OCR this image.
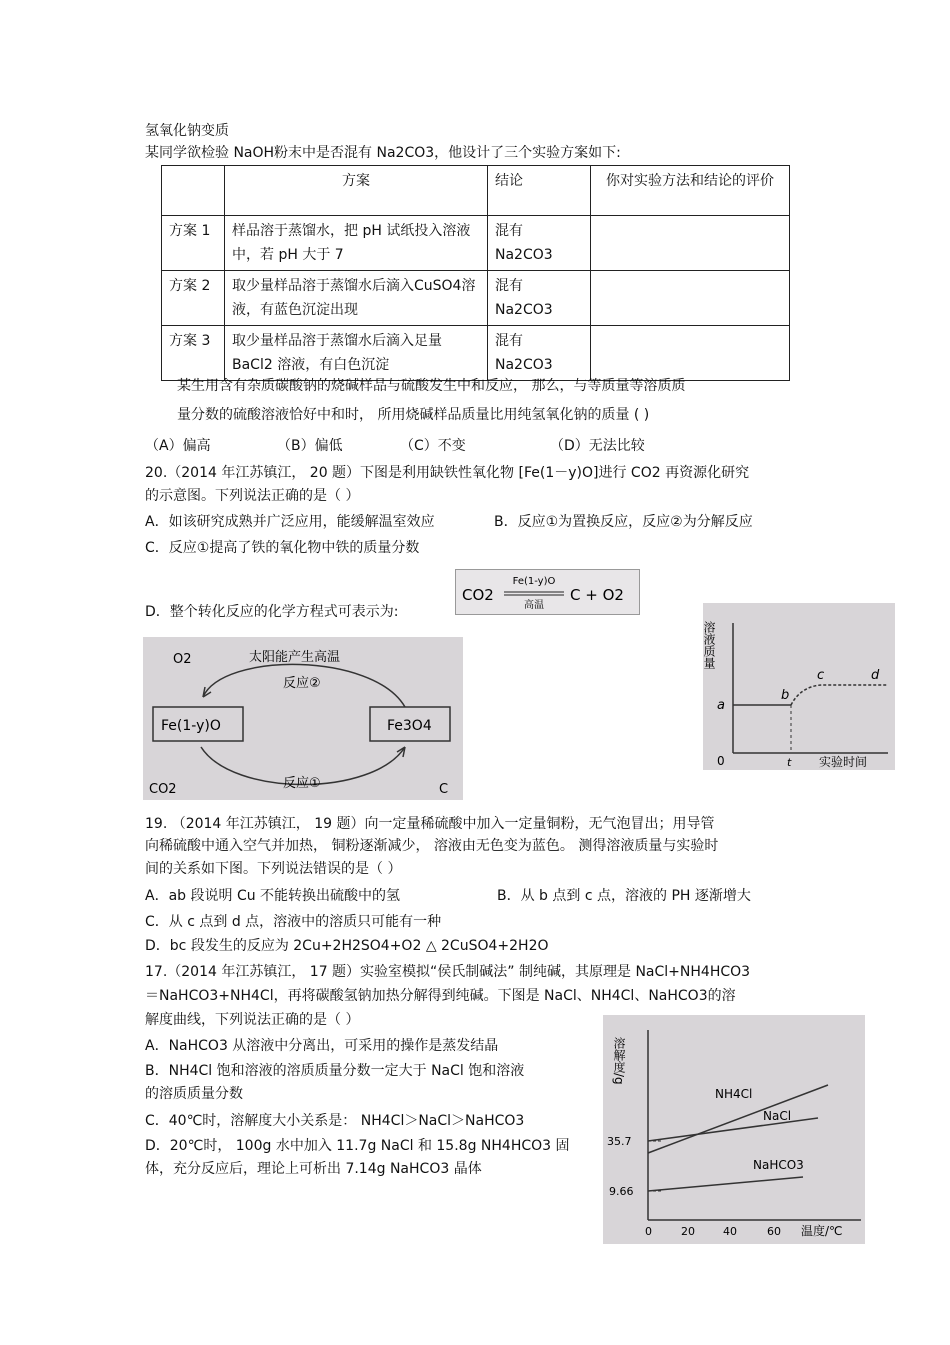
氢氧化钠变质
某同学欲检验 NaOH粉末中是否混有 Na2CO3，他设计了三个实验方案如下:
	方案	结论	你对实验方法和结论的评价
方案 1	样品溶于蒸馏水，把 pH 试纸投入溶液中，若 pH 大于 7	混有 Na2CO3	
方案 2	取少量样品溶于蒸馏水后滴入CuSO4溶液，有蓝色沉淀出现	混有 Na2CO3	
方案 3	取少量样品溶于蒸馏水后滴入足量 BaCl2 溶液，有白色沉淀	混有 Na2CO3	
某生用含有杂质碳酸钠的烧碱样品与硫酸发生中和反应， 那么，与等质量等溶质质
量分数的硫酸溶液恰好中和时， 所用烧碱样品质量比用纯氢氧化钠的质量 ( )
（A）偏高	（B）偏低	（C）不变	（D）无法比较
20.（2014 年江苏镇江， 20 题）下图是利用缺铁性氧化物 [Fe(1－y)O]进行 CO2 再资源化研究
的示意图。下列说法正确的是（ ）
A．如该研究成熟并广泛应用，能缓解温室效应	B．反应①为置换反应，反应②为分解反应
C．反应①提高了铁的氧化物中铁的质量分数
D．整个转化反应的化学方程式可表示为:
CO2
Fe(1-y)O
高温
C + O2
O2	太阳能产生高温
反应②
Fe(1-y)O	Fe3O4
反应①
CO2	C
溶液质量
0
a
b
c	d
t 实验时间
19. （2014 年江苏镇江， 19 题）向一定量稀硫酸中加入一定量铜粉，无气泡冒出；用导管
向稀硫酸中通入空气并加热， 铜粉逐渐减少， 溶液由无色变为蓝色。 测得溶液质量与实验时
间的关系如下图。下列说法错误的是（ ）
A．ab 段说明 Cu 不能转换出硫酸中的氢	B．从 b 点到 c 点，溶液的 PH 逐渐增大
C．从 c 点到 d 点，溶液中的溶质只可能有一种
D．bc 段发生的反应为 2Cu+2H2SO4+O2 △ 2CuSO4+2H2O
17.（2014 年江苏镇江， 17 题）实验室模拟“侯氏制碱法” 制纯碱，其原理是 NaCl+NH4HCO3
＝NaHCO3+NH4Cl，再将碳酸氢钠加热分解得到纯碱。下图是 NaCl、NH4Cl、NaHCO3的溶
解度曲线，下列说法正确的是（ ）
A．NaHCO3 从溶液中分离出，可采用的操作是蒸发结晶
B．NH4Cl 饱和溶液的溶质质量分数一定大于 NaCl 饱和溶液
的溶质质量分数
C．40℃时，溶解度大小关系是： NH4Cl＞NaCl＞NaHCO3
D．20℃时， 100g 水中加入 11.7g NaCl 和 15.8g NH4HCO3 固
体，充分反应后，理论上可析出 7.14g NaHCO3 晶体
溶解度/g
35.7
9.66
0	20	40	60 温度/℃
NH4Cl
NaCl
NaHCO3
